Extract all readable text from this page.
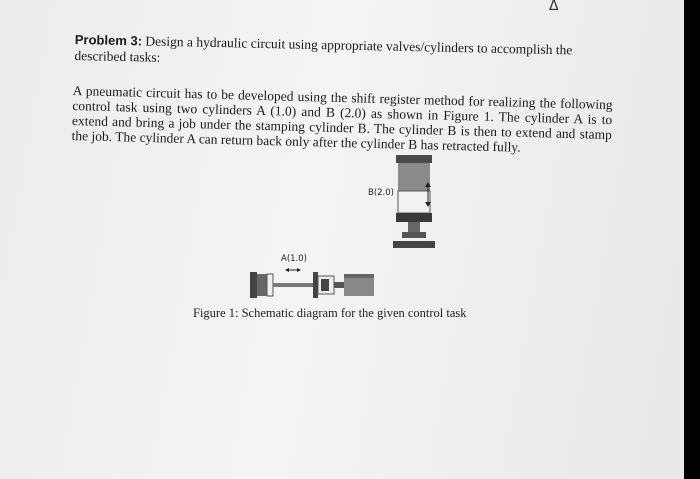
Δ
Problem 3: Design a hydraulic circuit using appropriate valves/cylinders to accomplish the described tasks:
A pneumatic circuit has to be developed using the shift register method for realizing the following control task using two cylinders A (1.0) and B (2.0) as shown in Figure 1. The cylinder A is to extend and bring a job under the stamping cylinder B. The cylinder B is then to extend and stamp the job. The cylinder A can return back only after the cylinder B has retracted fully.
B(2.0)
A(1.0)
Figure 1: Schematic diagram for the given control task
